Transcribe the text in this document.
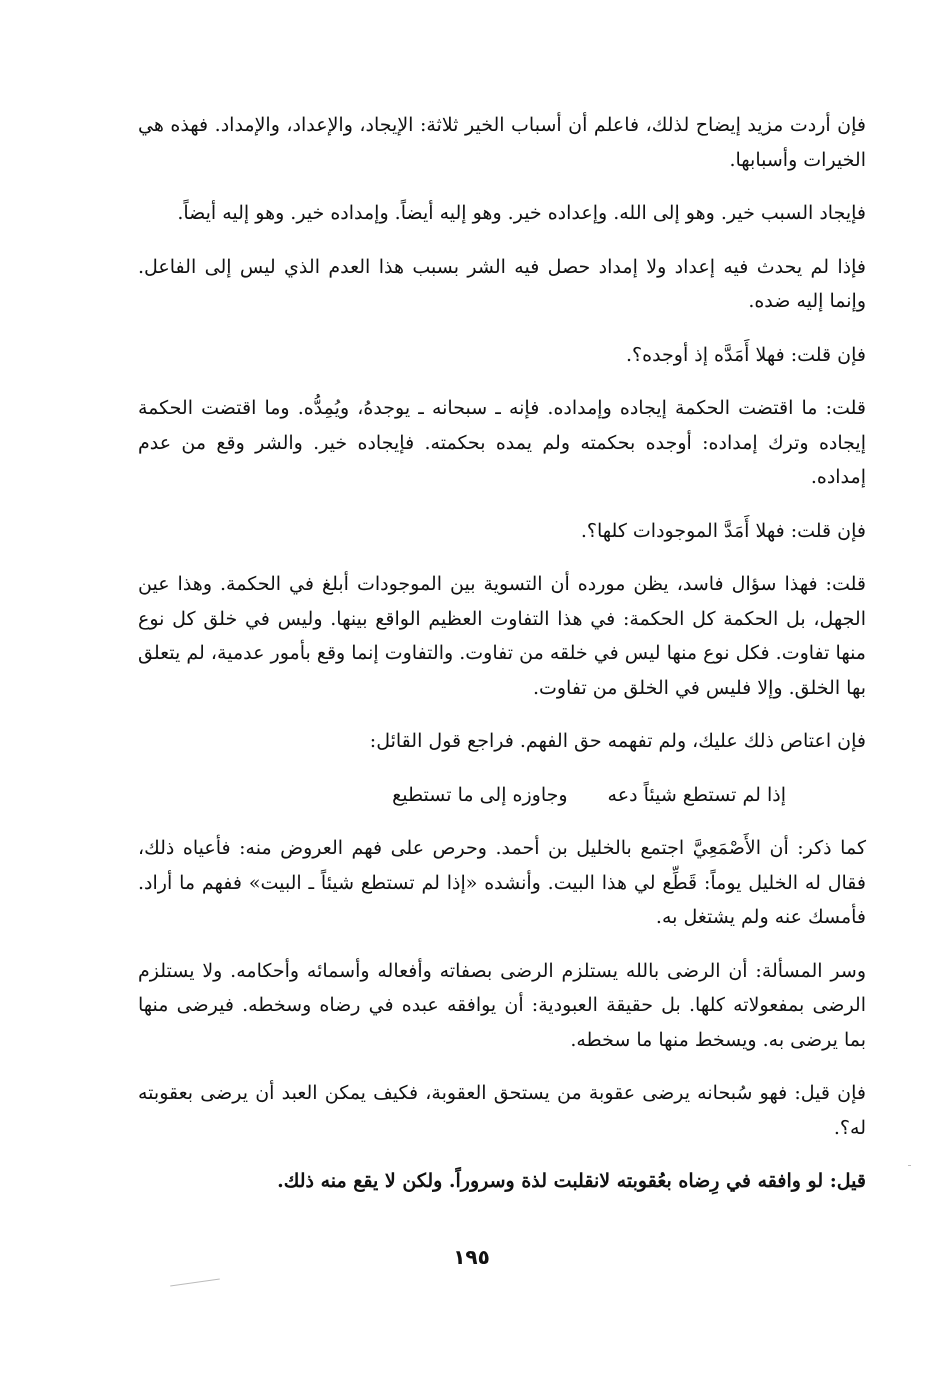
فإن أردت مزيد إيضاح لذلك، فاعلم أن أسباب الخير ثلاثة: الإيجاد، والإعداد، والإمداد. فهذه هي الخيرات وأسبابها.

فإيجاد السبب خير. وهو إلى الله. وإعداده خير. وهو إليه أيضاً. وإمداده خير. وهو إليه أيضاً.

فإذا لم يحدث فيه إعداد ولا إمداد حصل فيه الشر بسبب هذا العدم الذي ليس إلى الفاعل. وإنما إليه ضده.

فإن قلت: فهلا أَمَدَّه إذ أوجده؟.

قلت: ما اقتضت الحكمة إيجاده وإمداده. فإنه ـ سبحانه ـ يوجدهُ، ويُمِدُّه. وما اقتضت الحكمة إيجاده وترك إمداده: أوجده بحكمته ولم يمده بحكمته. فإيجاده خير. والشر وقع من عدم إمداده.

فإن قلت: فهلا أَمَدَّ الموجودات كلها؟.

قلت: فهذا سؤال فاسد، يظن مورده أن التسوية بين الموجودات أبلغ في الحكمة. وهذا عين الجهل، بل الحكمة كل الحكمة: في هذا التفاوت العظيم الواقع بينها. وليس في خلق كل نوع منها تفاوت. فكل نوع منها ليس في خلقه من تفاوت. والتفاوت إنما وقع بأمور عدمية، لم يتعلق بها الخلق. وإلا فليس في الخلق من تفاوت.

فإن اعتاص ذلك عليك، ولم تفهمه حق الفهم. فراجع قول القائل:

إذا لم تستطع شيئاً دعه
وجاوزه إلى ما تستطيع

كما ذكر: أن الأَصْمَعِيَّ اجتمع بالخليل بن أحمد. وحرص على فهم العروض منه: فأعياه ذلك، فقال له الخليل يوماً: قَطِّع لي هذا البيت. وأنشده «إذا لم تستطع شيئاً ـ البيت» ففهم ما أراد. فأمسك عنه ولم يشتغل به.

وسر المسألة: أن الرضى بالله يستلزم الرضى بصفاته وأفعاله وأسمائه وأحكامه. ولا يستلزم الرضى بمفعولاته كلها. بل حقيقة العبودية: أن يوافقه عبده في رضاه وسخطه. فيرضى منها بما يرضى به. ويسخط منها ما سخطه.

فإن قيل: فهو سُبحانه يرضى عقوبة من يستحق العقوبة، فكيف يمكن العبد أن يرضى بعقوبته له؟.

قيل: لو وافقه في رِضاه بعُقوبته لانقلبت لذة وسروراً. ولكن لا يقع منه ذلك.

١٩٥
